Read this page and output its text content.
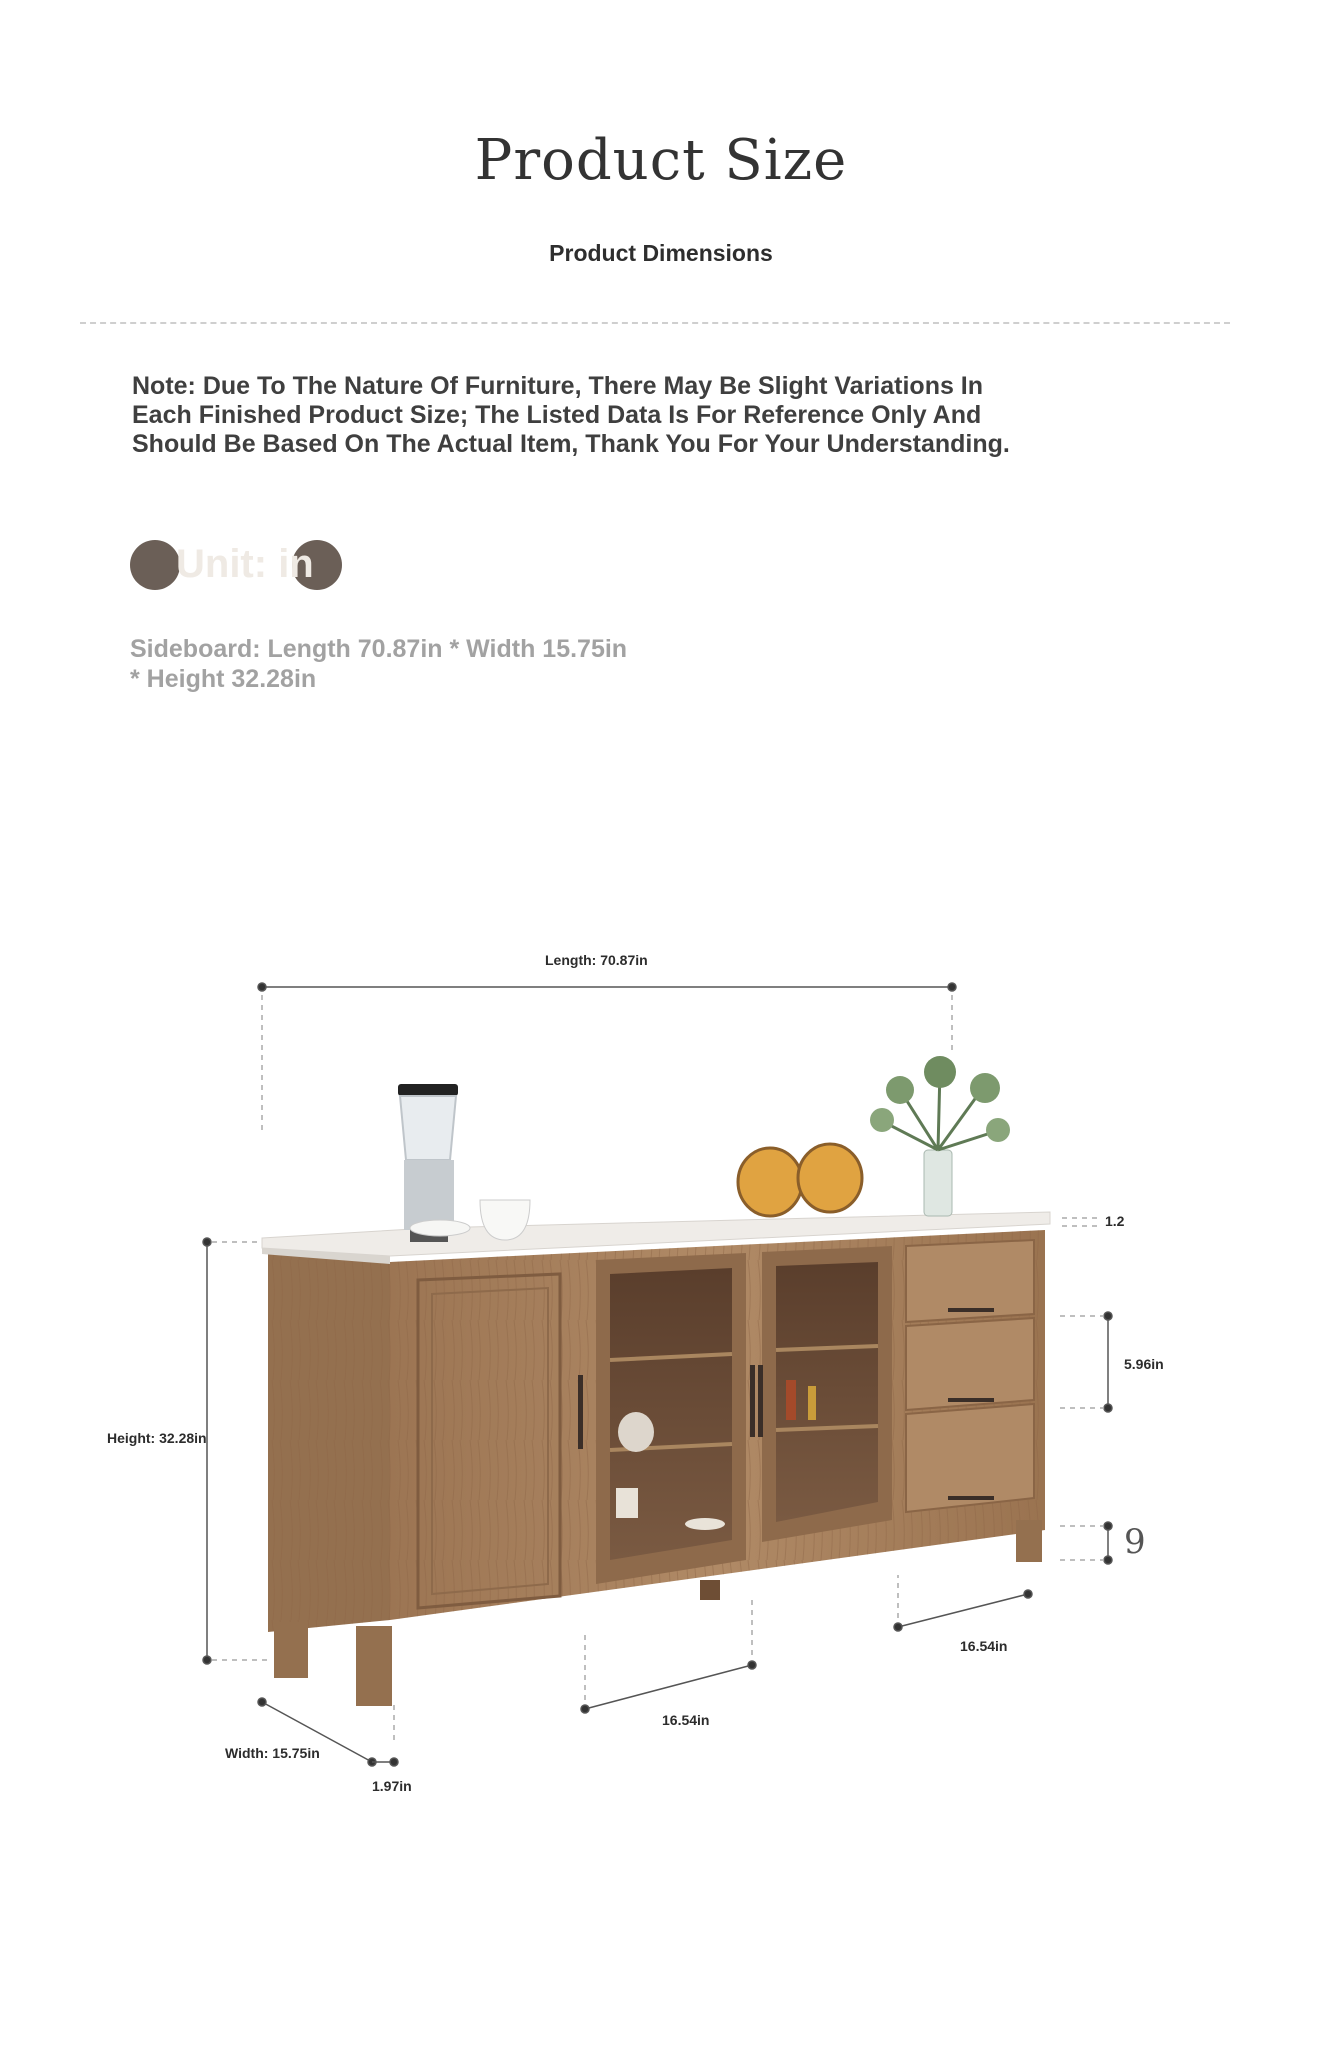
Product Size
Product Dimensions
Note: Due To The Nature Of Furniture, There May Be Slight Variations In Each Finished Product Size; The Listed Data Is For Reference Only And Should Be Based On The Actual Item, Thank You For Your Understanding.
Unit: in
Sideboard: Length 70.87in * Width 15.75in
* Height 32.28in
Length: 70.87in
Height: 32.28in
Width: 15.75in
1.97in
16.54in
16.54in
1.2
5.96in
9
